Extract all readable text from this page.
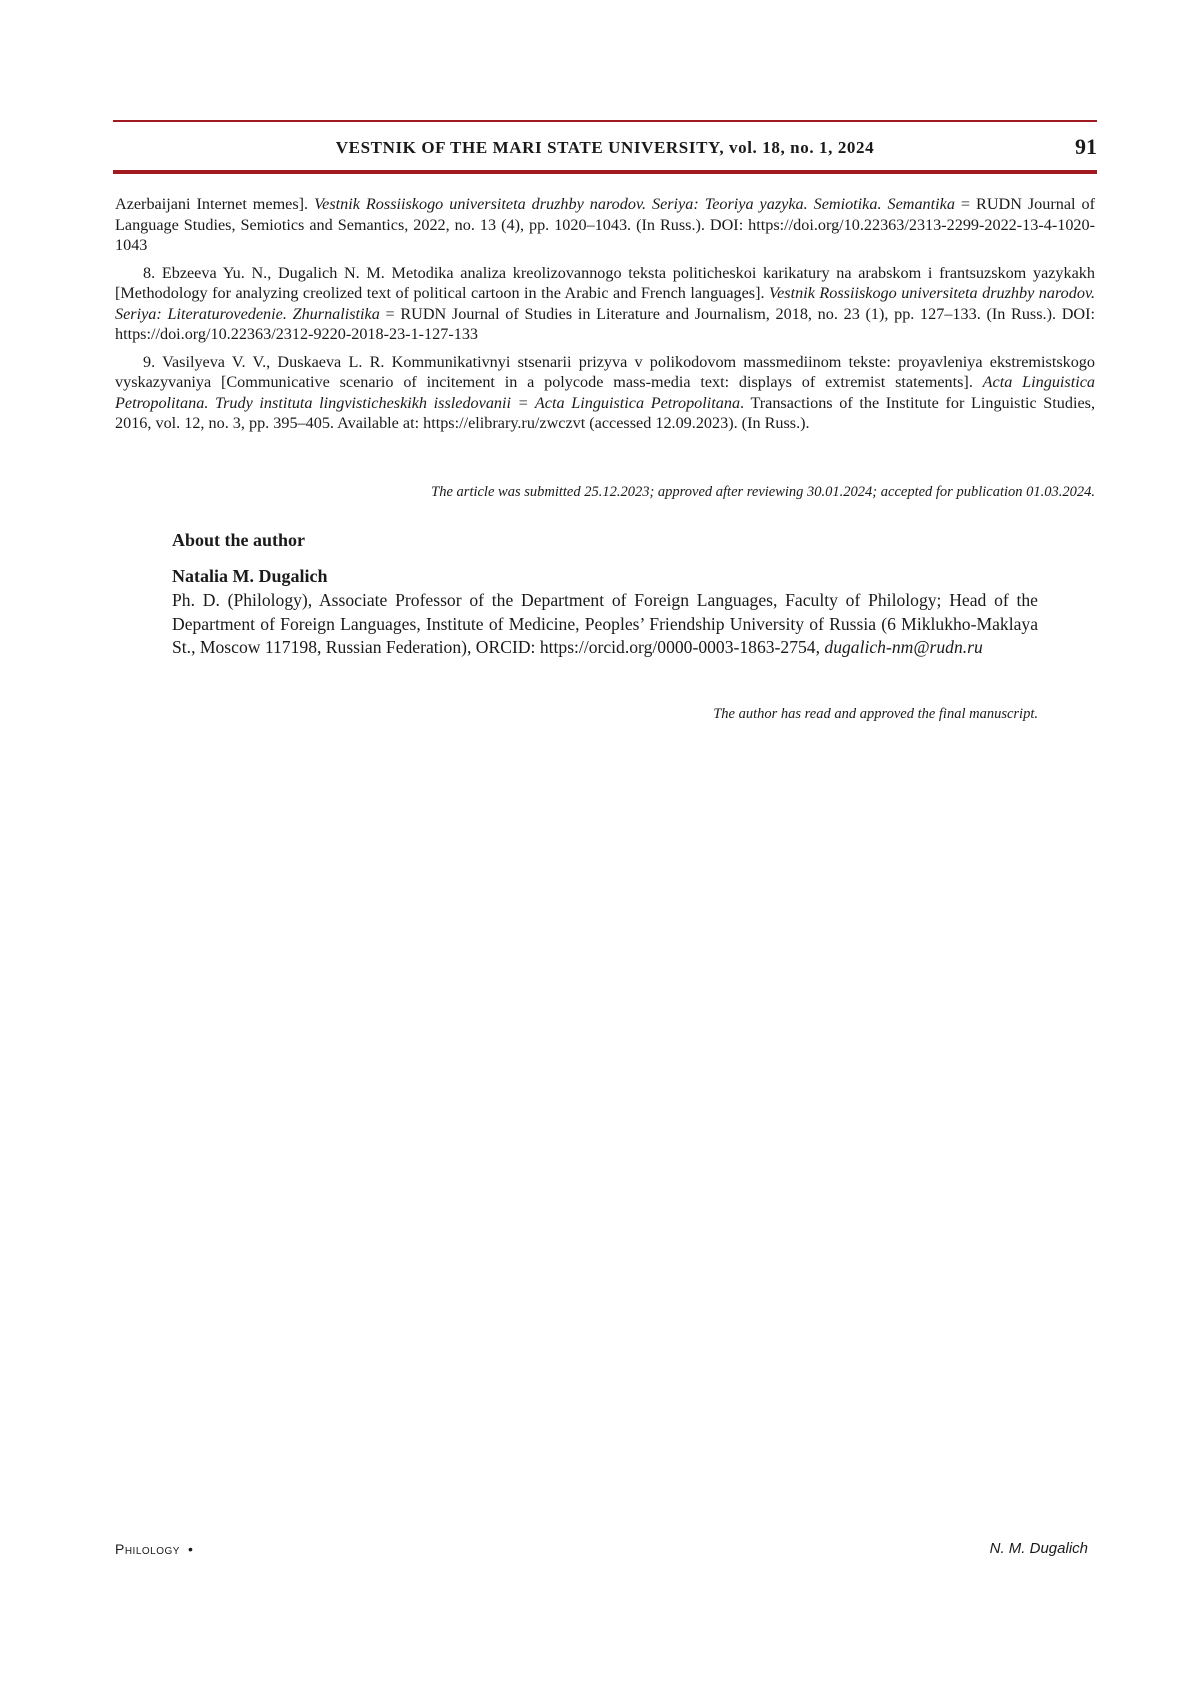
VESTNIK OF THE MARI STATE UNIVERSITY, vol. 18, no. 1, 2024	91

Azerbaijani Internet memes]. Vestnik Rossiiskogo universiteta druzhby narodov. Seriya: Teoriya yazyka. Semiotika. Semantika = RUDN Journal of Language Studies, Semiotics and Semantics, 2022, no. 13 (4), pp. 1020–1043. (In Russ.). DOI: https://doi.org/10.22363/2313-2299-2022-13-4-1020-1043

8. Ebzeeva Yu. N., Dugalich N. M. Metodika analiza kreolizovannogo teksta politicheskoi karikatury na arabskom i frantsuzskom yazykakh [Methodology for analyzing creolized text of political cartoon in the Arabic and French languages]. Vestnik Rossiiskogo universiteta druzhby narodov. Seriya: Literaturovedenie. Zhurnalistika = RUDN Journal of Studies in Literature and Journalism, 2018, no. 23 (1), pp. 127–133. (In Russ.). DOI: https://doi.org/10.22363/2312-9220-2018-23-1-127-133

9. Vasilyeva V. V., Duskaeva L. R. Kommunikativnyi stsenarii prizyva v polikodovom massmediinom tekste: proyavleniya ekstremistskogo vyskazyvaniya [Communicative scenario of incitement in a polycode mass-media text: displays of extremist statements]. Acta Linguistica Petropolitana. Trudy instituta lingvisticheskikh issledovanii = Acta Linguistica Petropolitana. Transactions of the Institute for Linguistic Studies, 2016, vol. 12, no. 3, pp. 395–405. Available at: https://elibrary.ru/zwczvt (accessed 12.09.2023). (In Russ.).

The article was submitted 25.12.2023; approved after reviewing 30.01.2024; accepted for publication 01.03.2024.
About the author
Natalia M. Dugalich

Ph. D. (Philology), Associate Professor of the Department of Foreign Languages, Faculty of Philology; Head of the Department of Foreign Languages, Institute of Medicine, Peoples’ Friendship University of Russia (6 Miklukho-Maklaya St., Moscow 117198, Russian Federation), ORCID: https://orcid.org/0000-0003-1863-2754, dugalich-nm@rudn.ru

The author has read and approved the final manuscript.
Philology •	N. M. Dugalich
